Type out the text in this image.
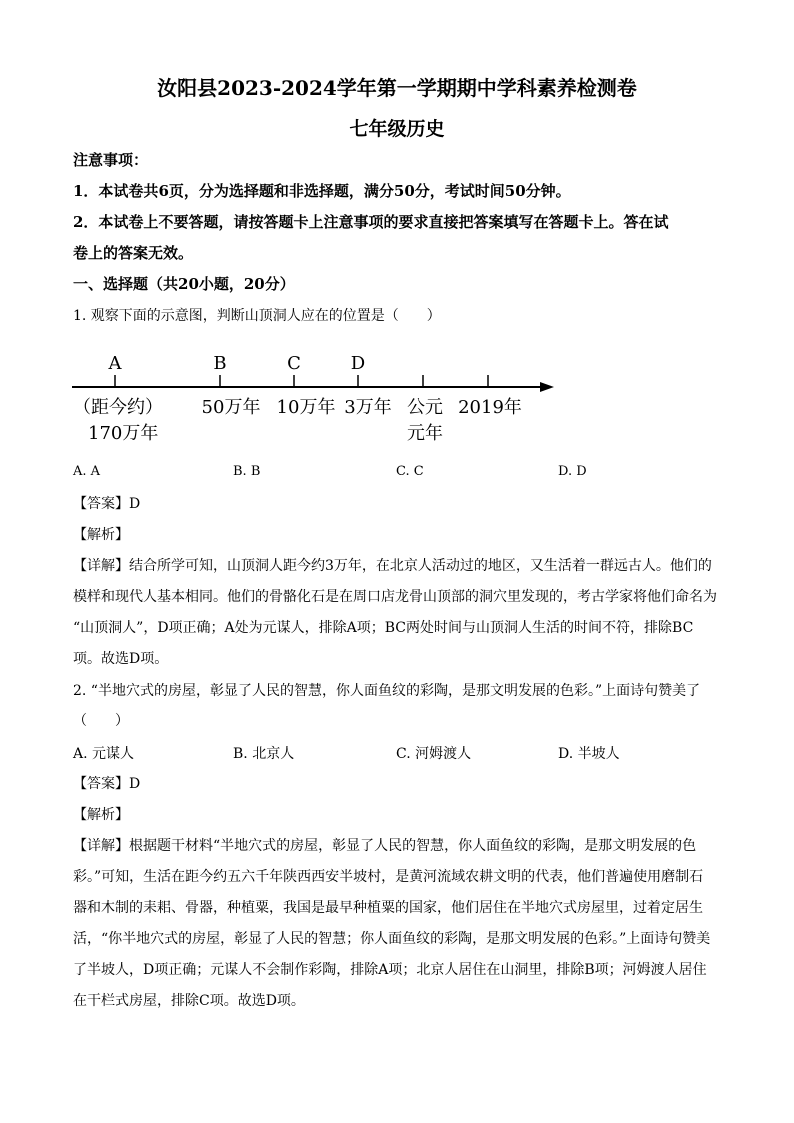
汝阳县2023-2024学年第一学期期中学科素养检测卷
七年级历史
注意事项：
1．本试卷共6页，分为选择题和非选择题，满分50分，考试时间50分钟。
2．本试卷上不要答题，请按答题卡上注意事项的要求直接把答案填写在答题卡上。答在试
卷上的答案无效。
一、选择题（共20小题，20分）
1. 观察下面的示意图，判断山顶洞人应在的位置是（　　）
A	B	C	D
（距今约）
170万年
50万年 10万年 3万年 公元
元年
2019年
A. A	B. B	C. C	D. D
【答案】D
【解析】
【详解】结合所学可知，山顶洞人距今约3万年，在北京人活动过的地区，又生活着一群远古人。他们的
模样和现代人基本相同。他们的骨骼化石是在周口店龙骨山顶部的洞穴里发现的，考古学家将他们命名为
“山顶洞人”，D项正确；A处为元谋人，排除A项；BC两处时间与山顶洞人生活的时间不符，排除BC
项。故选D项。
2. “半地穴式的房屋，彰显了人民的智慧，你人面鱼纹的彩陶，是那文明发展的色彩。”上面诗句赞美了
（　　）
A. 元谋人	B. 北京人	C. 河姆渡人	D. 半坡人
【答案】D
【解析】
【详解】根据题干材料“半地穴式的房屋，彰显了人民的智慧，你人面鱼纹的彩陶，是那文明发展的色
彩。”可知，生活在距今约五六千年陕西西安半坡村，是黄河流域农耕文明的代表，他们普遍使用磨制石
器和木制的耒耜、骨器，种植粟，我国是最早种植粟的国家，他们居住在半地穴式房屋里，过着定居生
活，“你半地穴式的房屋，彰显了人民的智慧；你人面鱼纹的彩陶，是那文明发展的色彩。”上面诗句赞美
了半坡人，D项正确；元谋人不会制作彩陶，排除A项；北京人居住在山洞里，排除B项；河姆渡人居住
在干栏式房屋，排除C项。故选D项。
